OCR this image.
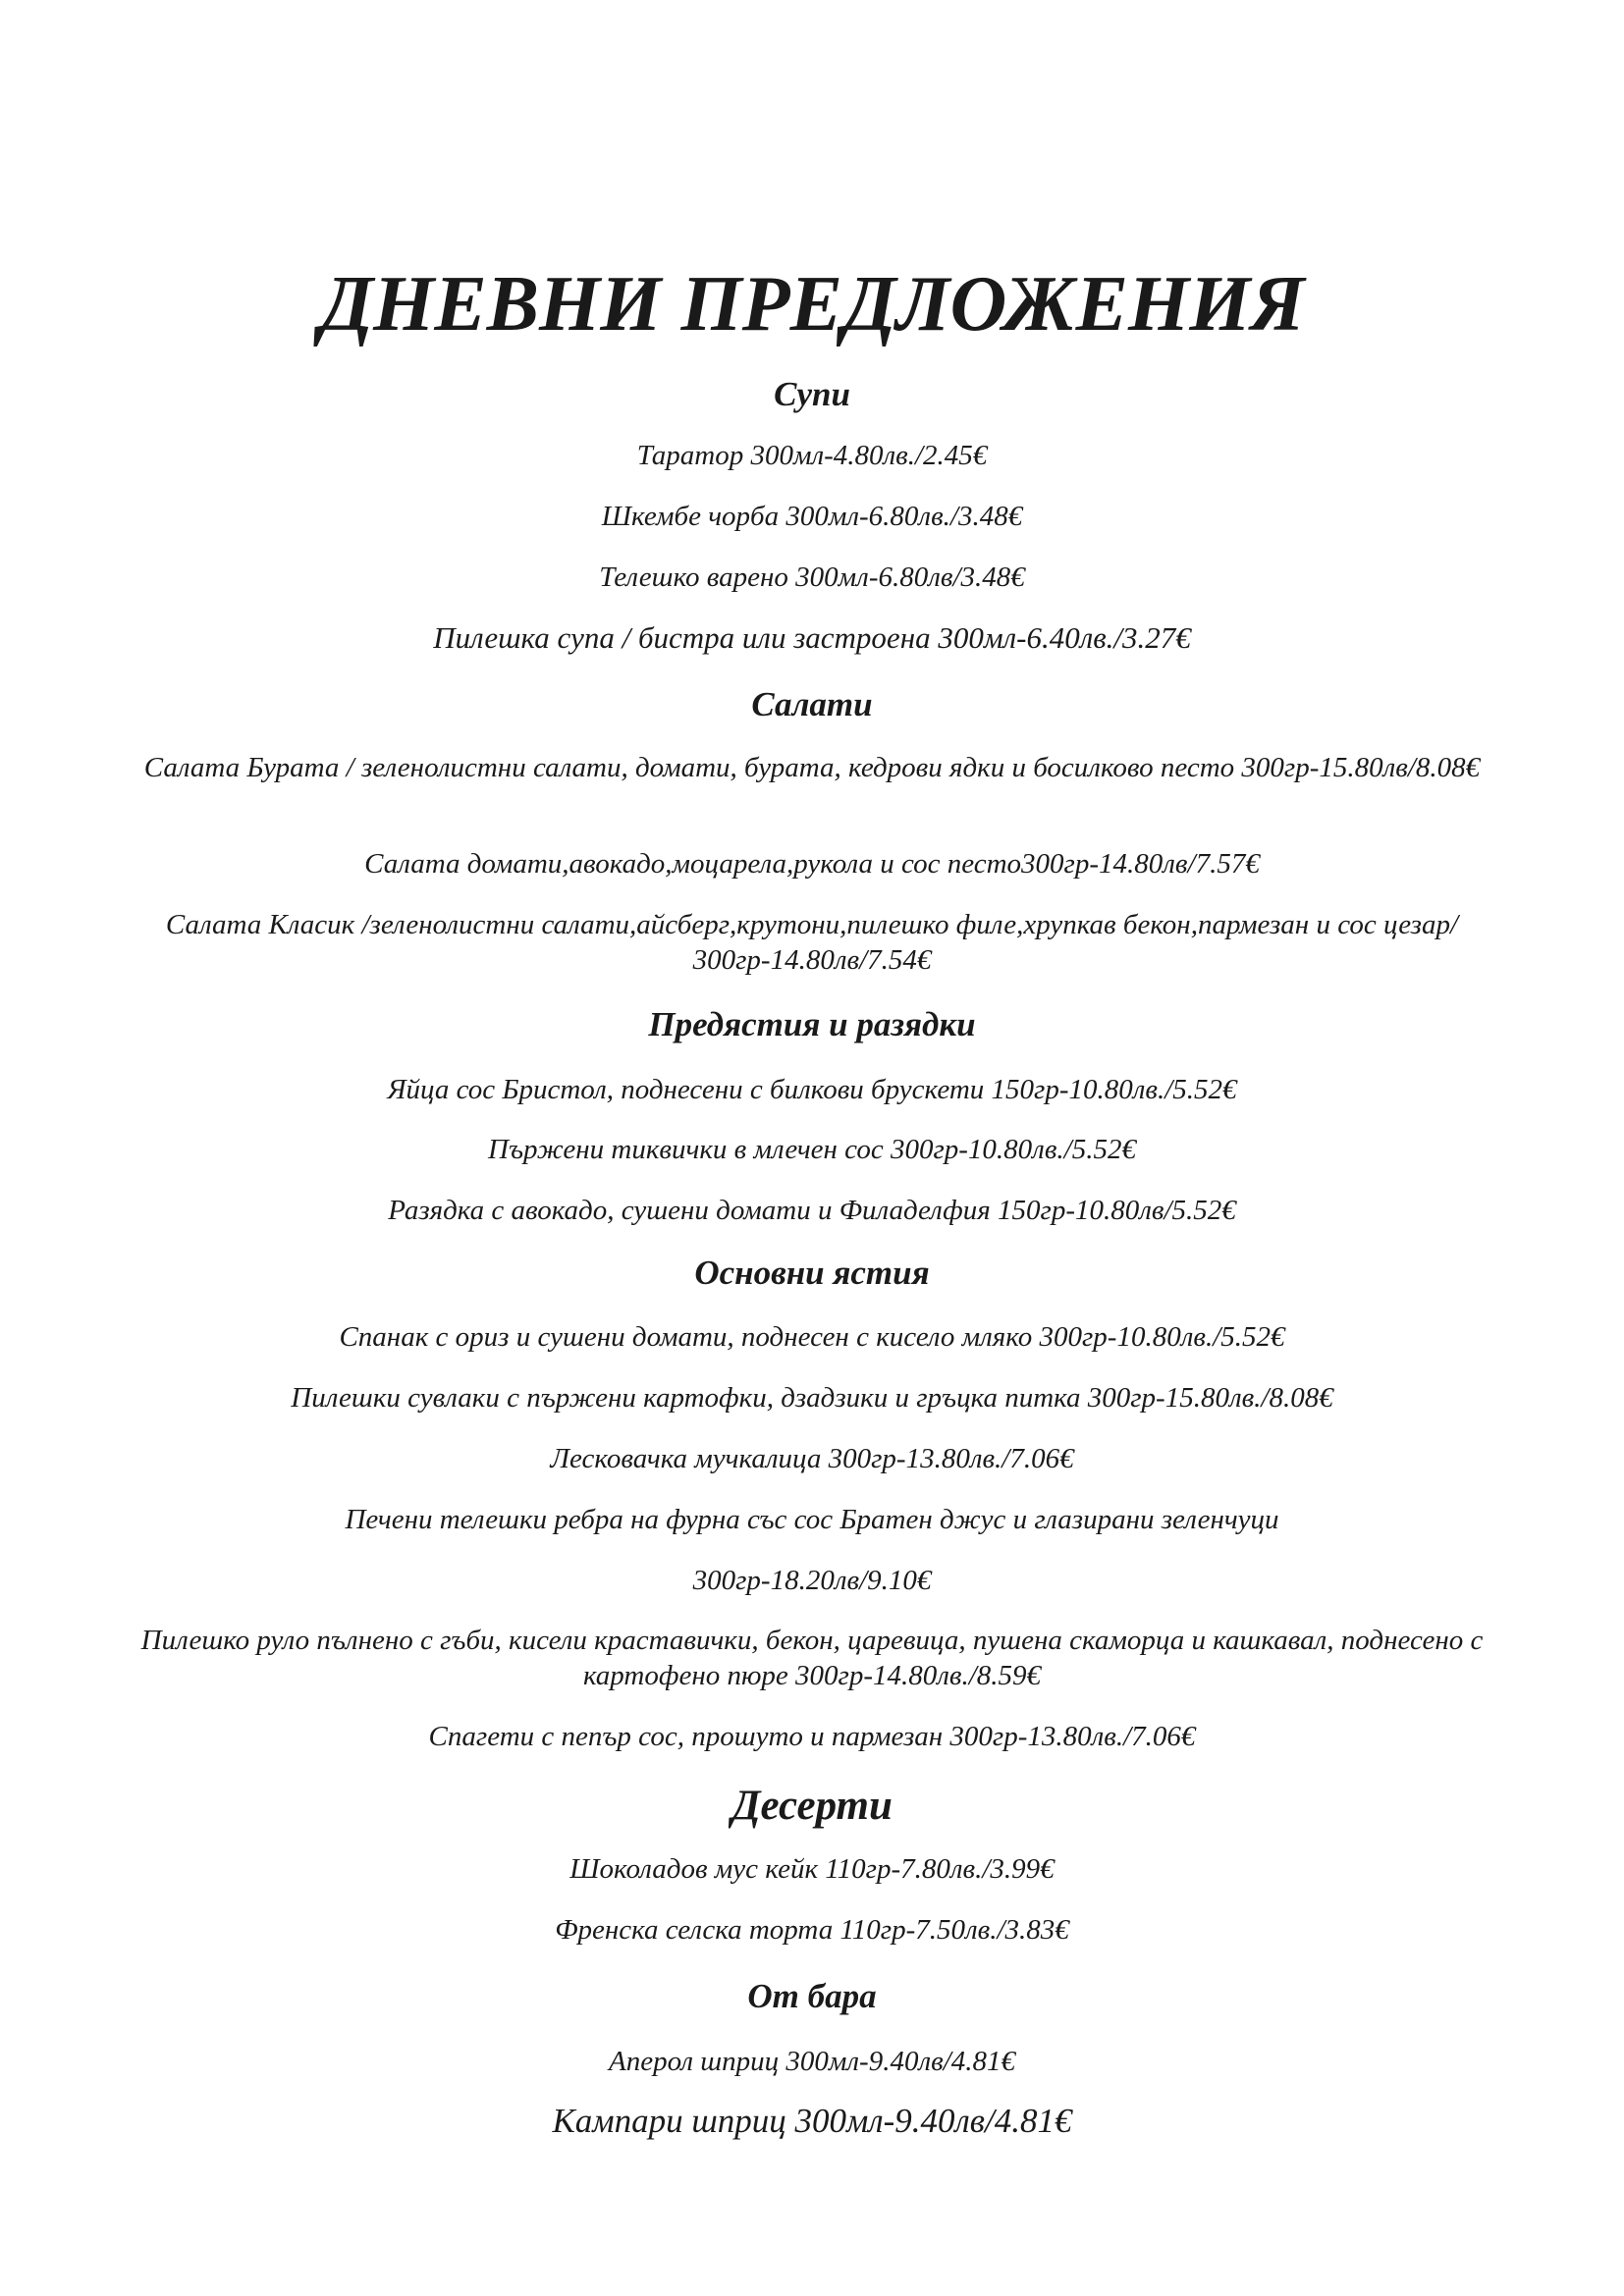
ДНЕВНИ ПРЕДЛОЖЕНИЯ
Супи
Таратор 300мл-4.80лв./2.45€
Шкембе чорба 300мл-6.80лв./3.48€
Телешко варено 300мл-6.80лв/3.48€
Пилешка супа / бистра или застроена 300мл-6.40лв./3.27€
Салати
Салата Бурата / зеленолистни салати, домати, бурата, кедрови ядки и босилково песто 300гр-15.80лв/8.08€
Салата домати,авокадо,моцарела,рукола и сос песто300гр-14.80лв/7.57€
Салата Класик /зеленолистни салати,айсберг,крутони,пилешко филе,хрупкав бекон,пармезан и сос цезар/ 300гр-14.80лв/7.54€
Предястия и разядки
Яйца сос Бристол, поднесени с билкови брускети 150гр-10.80лв./5.52€
Пържени тиквички в млечен сос 300гр-10.80лв./5.52€
Разядка с авокадо, сушени домати и Филаделфия 150гр-10.80лв/5.52€
Основни ястия
Спанак с ориз и сушени домати, поднесен с кисело мляко 300гр-10.80лв./5.52€
Пилешки сувлаки с пържени картофки, дзадзики и гръцка питка 300гр-15.80лв./8.08€
Лесковачка мучкалица 300гр-13.80лв./7.06€
Печени телешки ребра на фурна със сос Братен джус и глазирани зеленчуци
300гр-18.20лв/9.10€
Пилешко руло пълнено с гъби, кисели краставички, бекон, царевица, пушена скаморца и кашкавал, поднесено с картофено пюре 300гр-14.80лв./8.59€
Спагети с пепър сос, прошуто и пармезан 300гр-13.80лв./7.06€
Десерти
Шоколадов мус кейк 110гр-7.80лв./3.99€
Френска селска торта 110гр-7.50лв./3.83€
От бара
Аперол шприц 300мл-9.40лв/4.81€
Кампари шприц 300мл-9.40лв/4.81€
